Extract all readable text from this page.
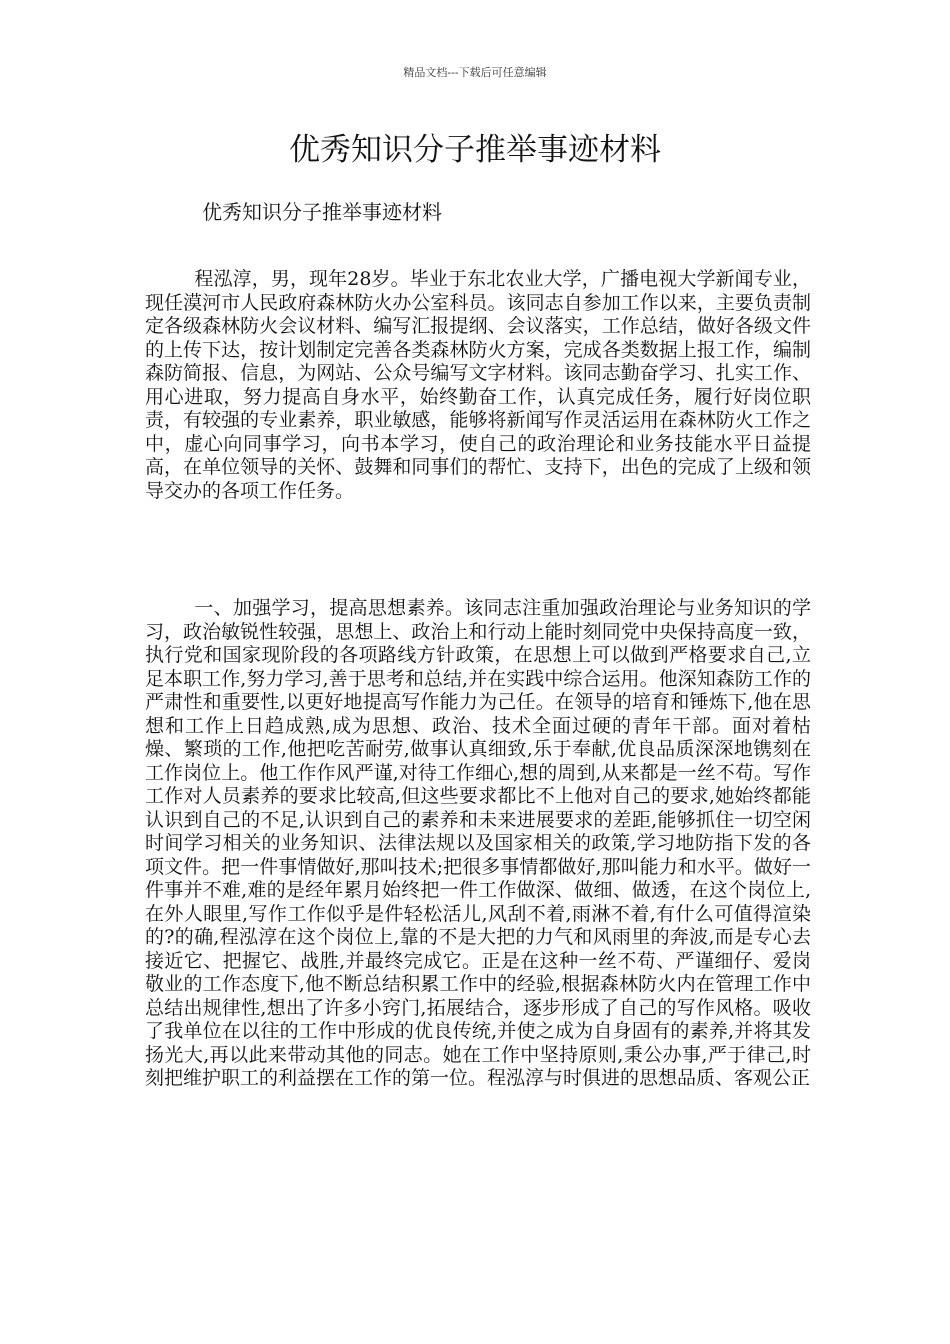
精品文档---下载后可任意编辑
优秀知识分子推举事迹材料
优秀知识分子推举事迹材料

程泓淳，男，现年28岁。毕业于东北农业大学，广播电视大学新闻专业，现任漠河市人民政府森林防火办公室科员。该同志自参加工作以来，主要负责制定各级森林防火会议材料、编写汇报提纲、会议落实，工作总结，做好各级文件的上传下达，按计划制定完善各类森林防火方案，完成各类数据上报工作，编制森防简报、信息，为网站、公众号编写文字材料。该同志勤奋学习、扎实工作、用心进取，努力提高自身水平，始终勤奋工作，认真完成任务，履行好岗位职责，有较强的专业素养，职业敏感，能够将新闻写作灵活运用在森林防火工作之中，虚心向同事学习，向书本学习，使自己的政治理论和业务技能水平日益提高，在单位领导的关怀、鼓舞和同事们的帮忙、支持下，出色的完成了上级和领导交办的各项工作任务。

一、加强学习，提高思想素养。该同志注重加强政治理论与业务知识的学习，政治敏锐性较强，思想上、政治上和行动上能时刻同党中央保持高度一致，执行党和国家现阶段的各项路线方针政策，在思想上可以做到严格要求自己,立足本职工作,努力学习,善于思考和总结,并在实践中综合运用。他深知森防工作的严肃性和重要性,以更好地提高写作能力为己任。在领导的培育和锤炼下,他在思想和工作上日趋成熟,成为思想、政治、技术全面过硬的青年干部。面对着枯燥、繁琐的工作,他把吃苦耐劳,做事认真细致,乐于奉献,优良品质深深地镌刻在工作岗位上。他工作作风严谨,对待工作细心,想的周到,从来都是一丝不苟。写作工作对人员素养的要求比较高,但这些要求都比不上他对自己的要求,她始终都能认识到自己的不足,认识到自己的素养和未来进展要求的差距,能够抓住一切空闲时间学习相关的业务知识、法律法规以及国家相关的政策,学习地防指下发的各项文件。把一件事情做好,那叫技术;把很多事情都做好,那叫能力和水平。做好一件事并不难,难的是经年累月始终把一件工作做深、做细、做透，在这个岗位上,在外人眼里,写作工作似乎是件轻松活儿,风刮不着,雨淋不着,有什么可值得渲染的?的确,程泓淳在这个岗位上,靠的不是大把的力气和风雨里的奔波,而是专心去接近它、把握它、战胜,并最终完成它。正是在这种一丝不苟、严谨细仔、爱岗敬业的工作态度下,他不断总结积累工作中的经验,根据森林防火内在管理工作中总结出规律性,想出了许多小窍门,拓展结合，逐步形成了自己的写作风格。吸收了我单位在以往的工作中形成的优良传统,并使之成为自身固有的素养,并将其发扬光大,再以此来带动其他的同志。她在工作中坚持原则,秉公办事,严于律己,时刻把维护职工的利益摆在工作的第一位。程泓淳与时俱进的思想品质、客观公正
